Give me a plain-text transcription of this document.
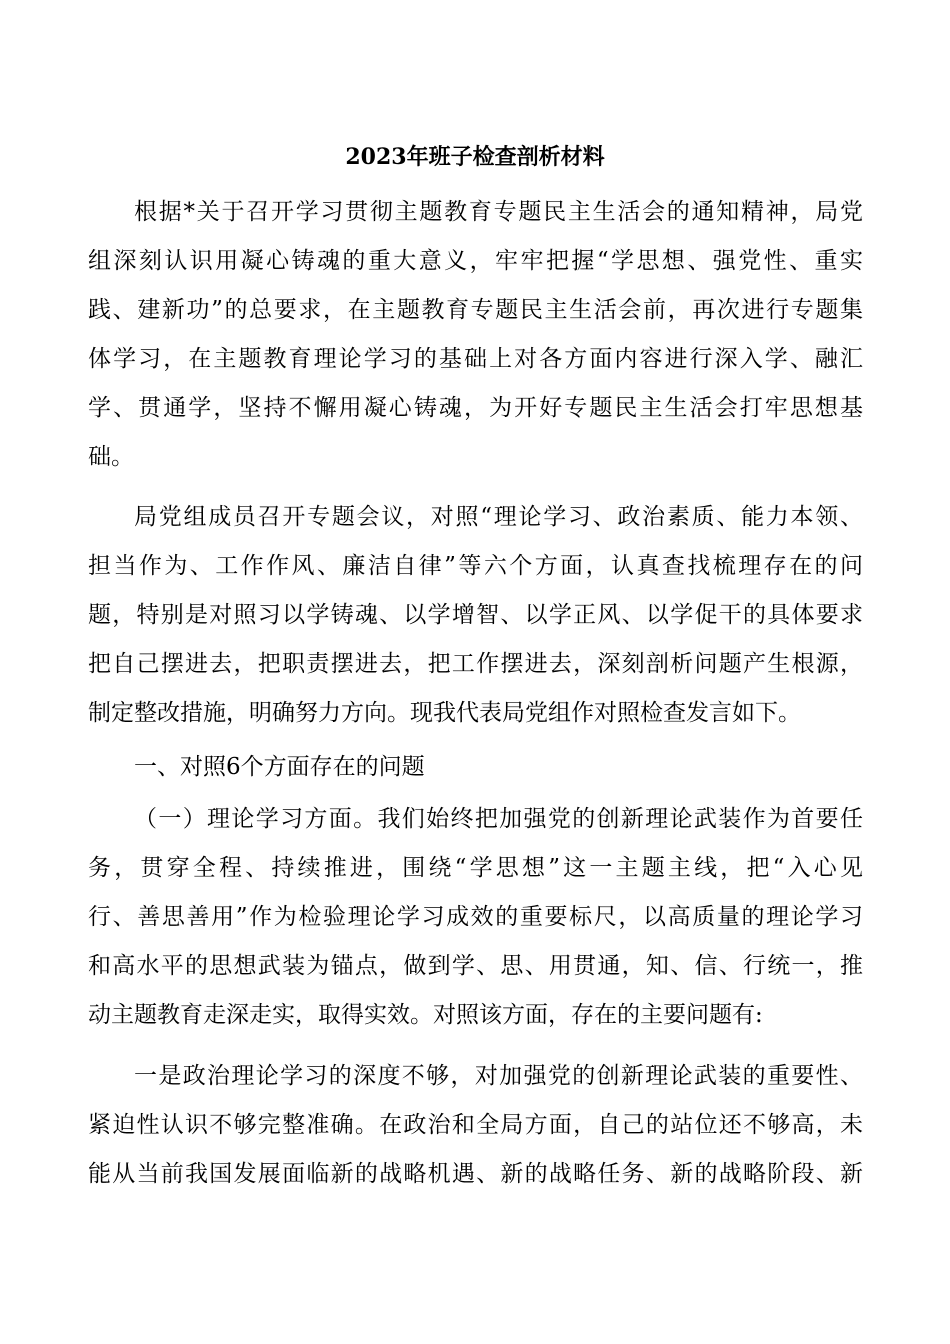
2023年班子检查剖析材料
根据*关于召开学习贯彻主题教育专题民主生活会的通知精神，局党
组深刻认识用凝心铸魂的重大意义，牢牢把握“学思想、强党性、重实
践、建新功”的总要求，在主题教育专题民主生活会前，再次进行专题集
体学习，在主题教育理论学习的基础上对各方面内容进行深入学、融汇
学、贯通学，坚持不懈用凝心铸魂，为开好专题民主生活会打牢思想基
础。
局党组成员召开专题会议，对照“理论学习、政治素质、能力本领、
担当作为、工作作风、廉洁自律”等六个方面，认真查找梳理存在的问
题，特别是对照习以学铸魂、以学增智、以学正风、以学促干的具体要求
把自己摆进去，把职责摆进去，把工作摆进去，深刻剖析问题产生根源，
制定整改措施，明确努力方向。现我代表局党组作对照检查发言如下。
一、对照6个方面存在的问题
（一）理论学习方面。我们始终把加强党的创新理论武装作为首要任
务，贯穿全程、持续推进，围绕“学思想”这一主题主线，把“入心见
行、善思善用”作为检验理论学习成效的重要标尺，以高质量的理论学习
和高水平的思想武装为锚点，做到学、思、用贯通，知、信、行统一，推
动主题教育走深走实，取得实效。对照该方面，存在的主要问题有:
一是政治理论学习的深度不够，对加强党的创新理论武装的重要性、
紧迫性认识不够完整准确。在政治和全局方面，自己的站位还不够高，未
能从当前我国发展面临新的战略机遇、新的战略任务、新的战略阶段、新
